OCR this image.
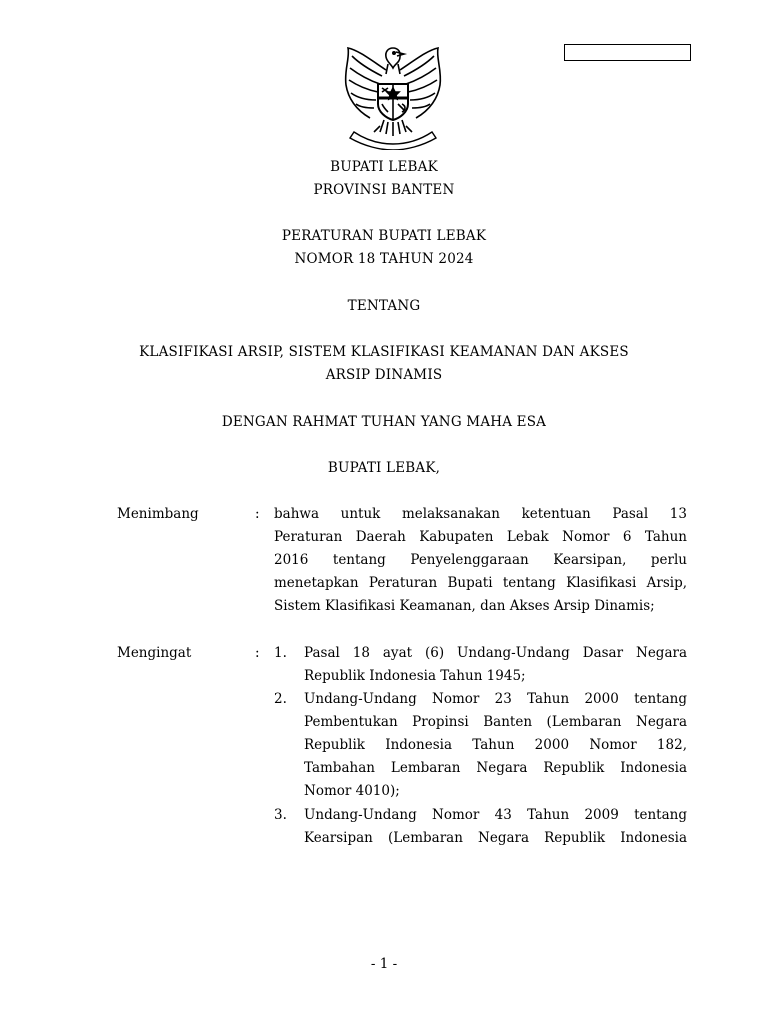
BUPATI LEBAK
PROVINSI BANTEN
PERATURAN BUPATI LEBAK
NOMOR 18 TAHUN 2024
TENTANG
KLASIFIKASI ARSIP, SISTEM KLASIFIKASI KEAMANAN DAN AKSES
ARSIP DINAMIS
DENGAN RAHMAT TUHAN YANG MAHA ESA
BUPATI LEBAK,
Menimbang	: bahwa untuk melaksanakan ketentuan Pasal 13
Peraturan Daerah Kabupaten Lebak Nomor 6 Tahun
2016 tentang Penyelenggaraan Kearsipan, perlu
menetapkan Peraturan Bupati tentang Klasifikasi Arsip,
Sistem Klasifikasi Keamanan, dan Akses Arsip Dinamis;
Mengingat	: 1. Pasal 18 ayat (6) Undang-Undang Dasar Negara
Republik Indonesia Tahun 1945;
2. Undang-Undang Nomor 23 Tahun 2000 tentang
Pembentukan Propinsi Banten (Lembaran Negara
Republik Indonesia Tahun 2000 Nomor 182,
Tambahan Lembaran Negara Republik Indonesia
Nomor 4010);
3. Undang-Undang Nomor 43 Tahun 2009 tentang
Kearsipan (Lembaran Negara Republik Indonesia
- 1 -
